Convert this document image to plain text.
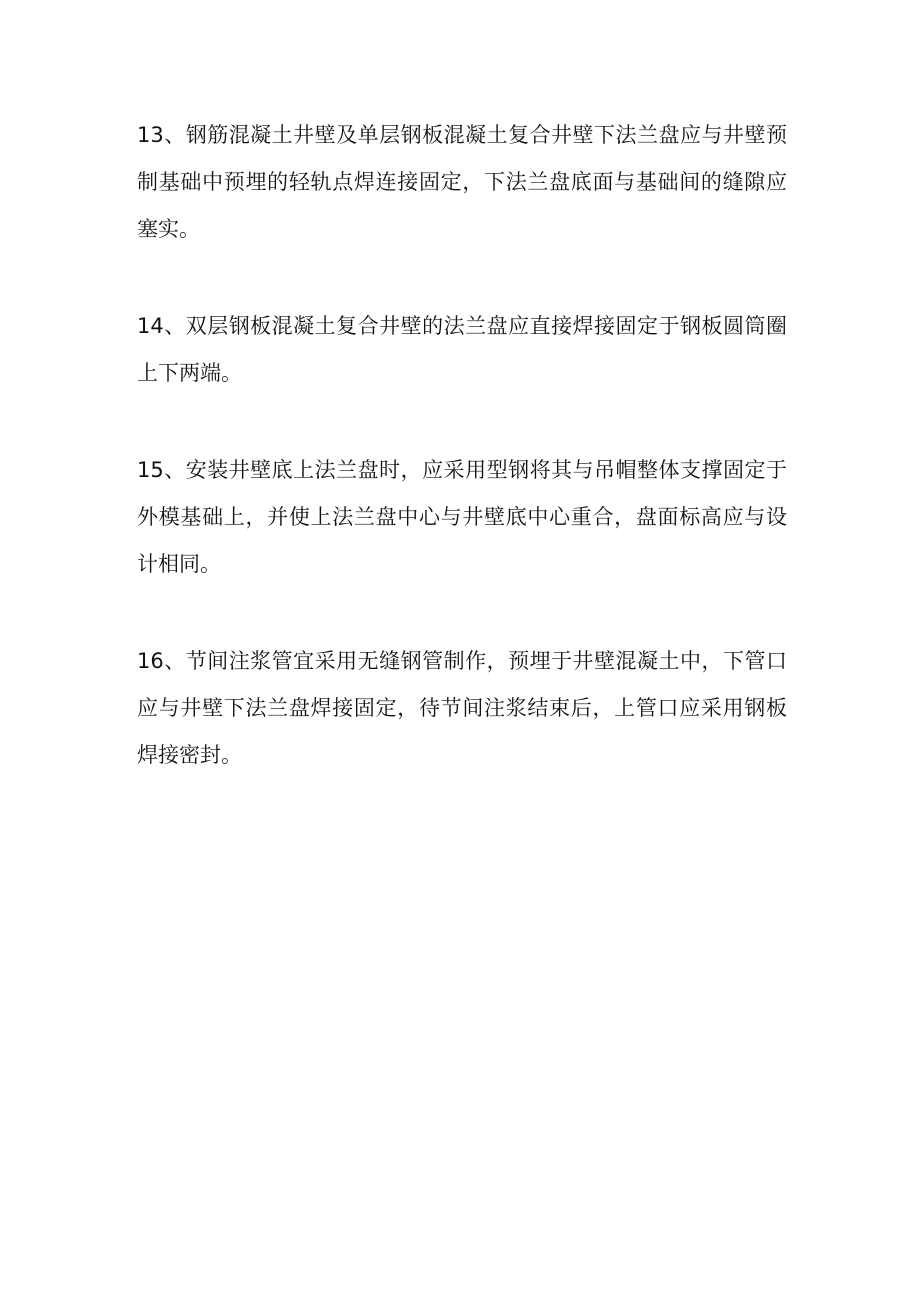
13、钢筋混凝土井壁及单层钢板混凝土复合井壁下法兰盘应与井壁预制基础中预埋的轻轨点焊连接固定，下法兰盘底面与基础间的缝隙应塞实。

14、双层钢板混凝土复合井壁的法兰盘应直接焊接固定于钢板圆筒圈上下两端。

15、安装井壁底上法兰盘时，应采用型钢将其与吊帽整体支撑固定于外模基础上，并使上法兰盘中心与井壁底中心重合，盘面标高应与设计相同。

16、节间注浆管宜采用无缝钢管制作，预埋于井壁混凝土中，下管口应与井壁下法兰盘焊接固定，待节间注浆结束后，上管口应采用钢板焊接密封。
